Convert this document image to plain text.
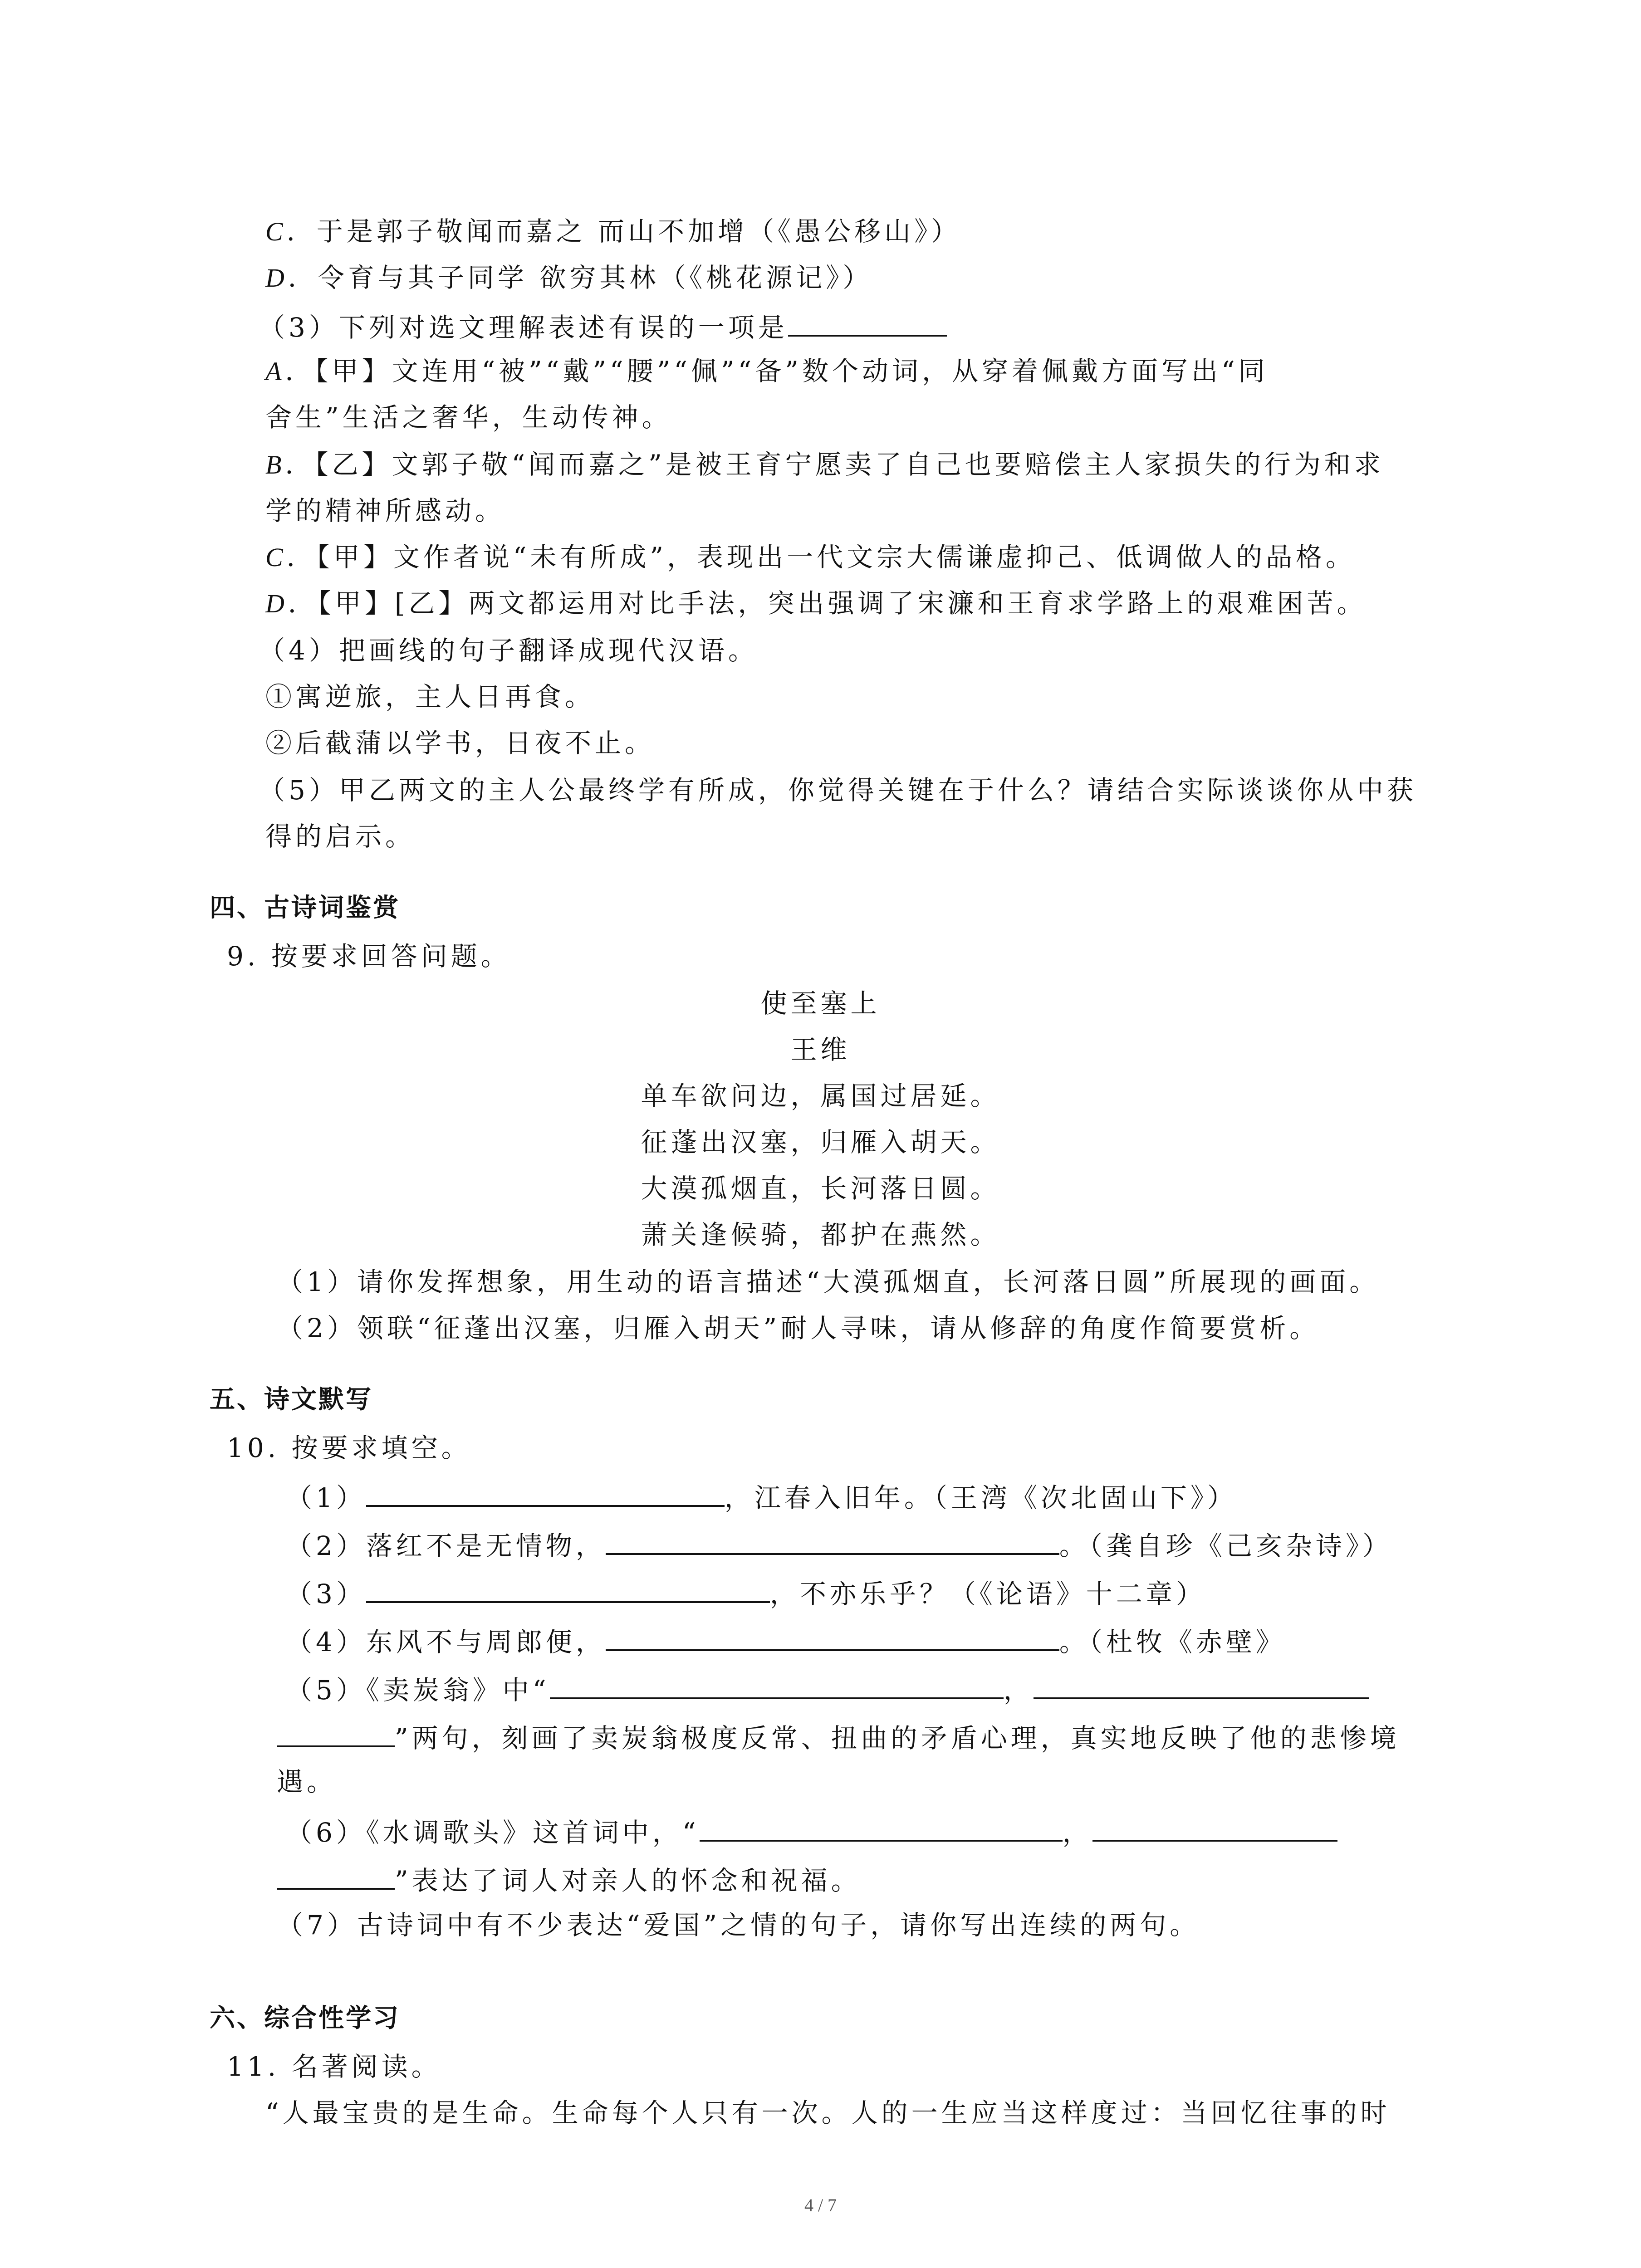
C．于是郭子敬闻而嘉之 而山不加增（《愚公移山》）

D．令育与其子同学 欲穷其林（《桃花源记》）

（3）下列对选文理解表述有误的一项是

A．【甲】文连用“被”“戴”“腰”“佩”“备”数个动词，从穿着佩戴方面写出“同

舍生”生活之奢华，生动传神。

B．【乙】文郭子敬“闻而嘉之”是被王育宁愿卖了自己也要赔偿主人家损失的行为和求

学的精神所感动。

C．【甲】文作者说“未有所成”，表现出一代文宗大儒谦虚抑己、低调做人的品格。

D．【甲】[乙】两文都运用对比手法，突出强调了宋濂和王育求学路上的艰难困苦。

（4）把画线的句子翻译成现代汉语。

①寓逆旅，主人日再食。

②后截蒲以学书，日夜不止。

（5）甲乙两文的主人公最终学有所成，你觉得关键在于什么？请结合实际谈谈你从中获

得的启示。

四、古诗词鉴赏

9. 按要求回答问题。

使至塞上

王维

单车欲问边，属国过居延。

征蓬出汉塞，归雁入胡天。

大漠孤烟直，长河落日圆。

萧关逢候骑，都护在燕然。

（1）请你发挥想象，用生动的语言描述“大漠孤烟直，长河落日圆”所展现的画面。

（2）领联“征蓬出汉塞，归雁入胡天”耐人寻味，请从修辞的角度作简要赏析。

五、诗文默写

10. 按要求填空。

（1）	，江春入旧年。（王湾《次北固山下》）

（2）落红不是无情物，	。（龚自珍《己亥杂诗》）

（3）	，不亦乐乎？（《论语》十二章）

（4）东风不与周郎便，	。（杜牧《赤壁》

（5）《卖炭翁》中“	，

”两句，刻画了卖炭翁极度反常、扭曲的矛盾心理，真实地反映了他的悲惨境

遇。

（6）《水调歌头》这首词中，“	，

”表达了词人对亲人的怀念和祝福。

（7）古诗词中有不少表达“爱国”之情的句子，请你写出连续的两句。

六、综合性学习

11. 名著阅读。

“人最宝贵的是生命。生命每个人只有一次。人的一生应当这样度过：当回忆往事的时

4 / 7
